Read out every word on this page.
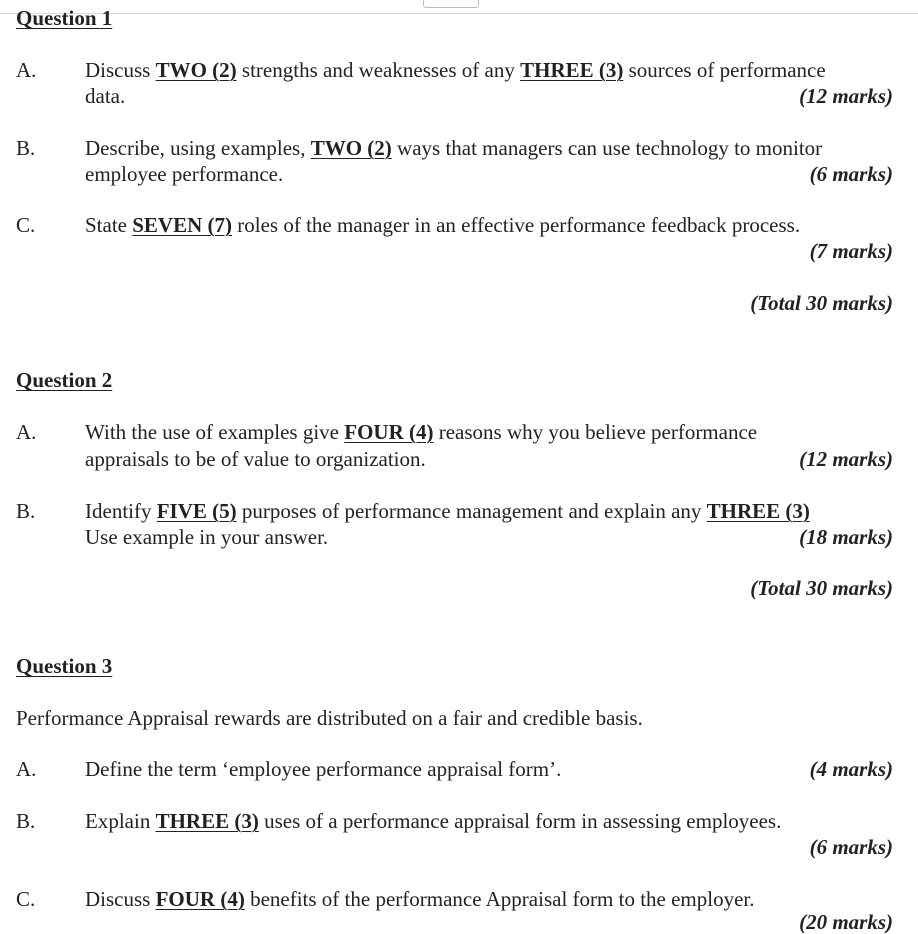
Question 1
A. Discuss TWO (2) strengths and weaknesses of any THREE (3) sources of performance
data.	(12 marks)
B. Describe, using examples, TWO (2) ways that managers can use technology to monitor
employee performance.	(6 marks)
C. State SEVEN (7) roles of the manager in an effective performance feedback process.
(7 marks)
(Total 30 marks)
Question 2
A. With the use of examples give FOUR (4) reasons why you believe performance
appraisals to be of value to organization.	(12 marks)
B. Identify FIVE (5) purposes of performance management and explain any THREE (3)
Use example in your answer.	(18 marks)
(Total 30 marks)
Question 3
Performance Appraisal rewards are distributed on a fair and credible basis.
A. Define the term ‘employee performance appraisal form’.	(4 marks)
B. Explain THREE (3) uses of a performance appraisal form in assessing employees.
(6 marks)
C. Discuss FOUR (4) benefits of the performance Appraisal form to the employer.
(20 marks)
